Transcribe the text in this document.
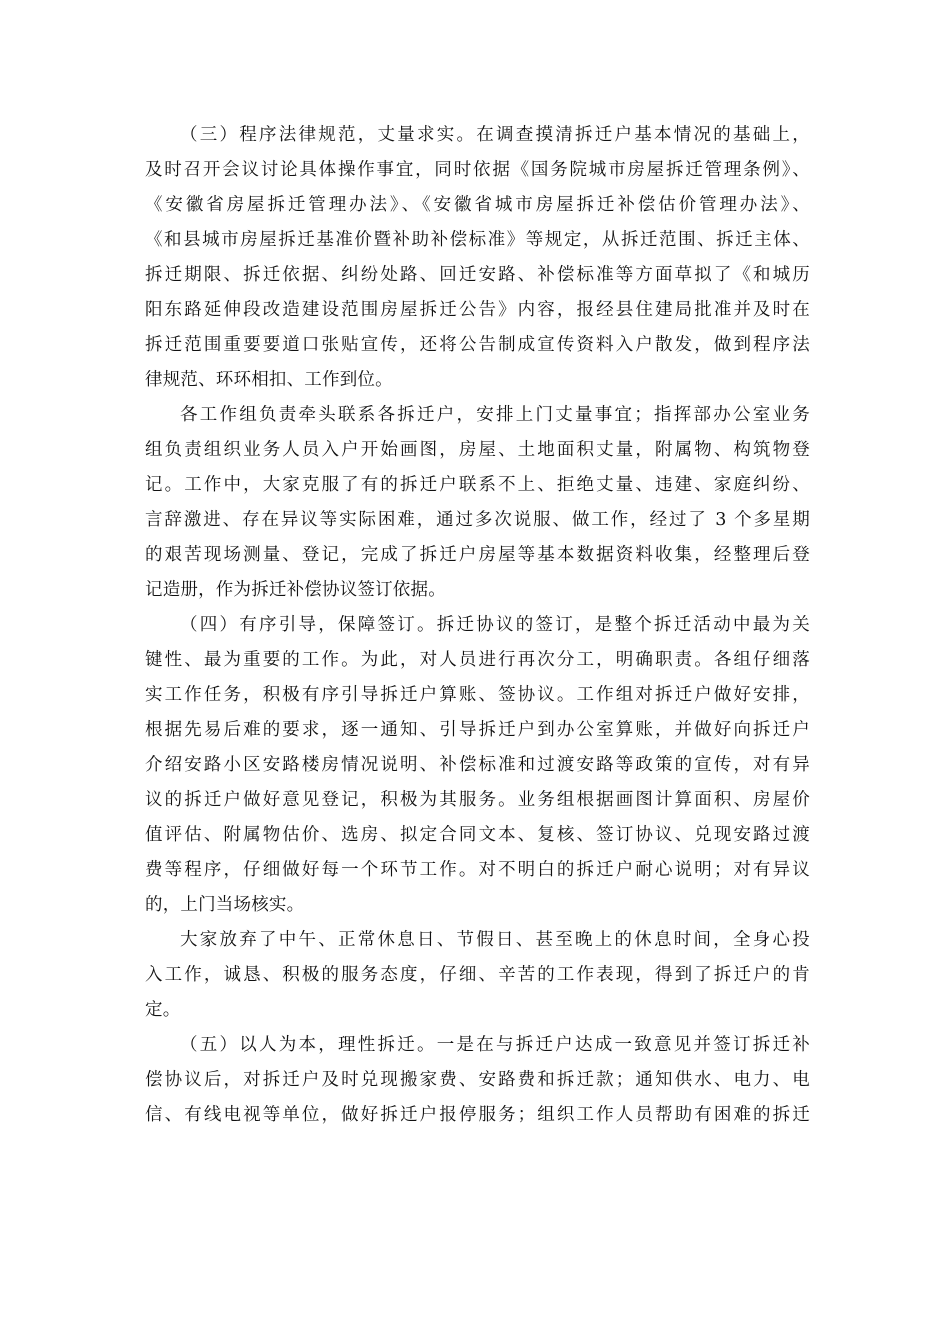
（三）程序法律规范，丈量求实。在调查摸清拆迁户基本情况的基础上，
及时召开会议讨论具体操作事宜，同时依据《国务院城市房屋拆迁管理条例》、
《安徽省房屋拆迁管理办法》、《安徽省城市房屋拆迁补偿估价管理办法》、
《和县城市房屋拆迁基准价暨补助补偿标准》等规定，从拆迁范围、拆迁主体、
拆迁期限、拆迁依据、纠纷处路、回迁安路、补偿标准等方面草拟了《和城历
阳东路延伸段改造建设范围房屋拆迁公告》内容，报经县住建局批准并及时在
拆迁范围重要要道口张贴宣传，还将公告制成宣传资料入户散发，做到程序法
律规范、环环相扣、工作到位。
各工作组负责牵头联系各拆迁户，安排上门丈量事宜；指挥部办公室业务
组负责组织业务人员入户开始画图，房屋、土地面积丈量，附属物、构筑物登
记。工作中，大家克服了有的拆迁户联系不上、拒绝丈量、违建、家庭纠纷、
言辞激进、存在异议等实际困难，通过多次说服、做工作，经过了 3 个多星期
的艰苦现场测量、登记，完成了拆迁户房屋等基本数据资料收集，经整理后登
记造册，作为拆迁补偿协议签订依据。
（四）有序引导，保障签订。拆迁协议的签订，是整个拆迁活动中最为关
键性、最为重要的工作。为此，对人员进行再次分工，明确职责。各组仔细落
实工作任务，积极有序引导拆迁户算账、签协议。工作组对拆迁户做好安排，
根据先易后难的要求，逐一通知、引导拆迁户到办公室算账，并做好向拆迁户
介绍安路小区安路楼房情况说明、补偿标准和过渡安路等政策的宣传，对有异
议的拆迁户做好意见登记，积极为其服务。业务组根据画图计算面积、房屋价
值评估、附属物估价、选房、拟定合同文本、复核、签订协议、兑现安路过渡
费等程序，仔细做好每一个环节工作。对不明白的拆迁户耐心说明；对有异议
的，上门当场核实。
大家放弃了中午、正常休息日、节假日、甚至晚上的休息时间，全身心投
入工作，诚恳、积极的服务态度，仔细、辛苦的工作表现，得到了拆迁户的肯
定。
（五）以人为本，理性拆迁。一是在与拆迁户达成一致意见并签订拆迁补
偿协议后，对拆迁户及时兑现搬家费、安路费和拆迁款；通知供水、电力、电
信、有线电视等单位，做好拆迁户报停服务；组织工作人员帮助有困难的拆迁
